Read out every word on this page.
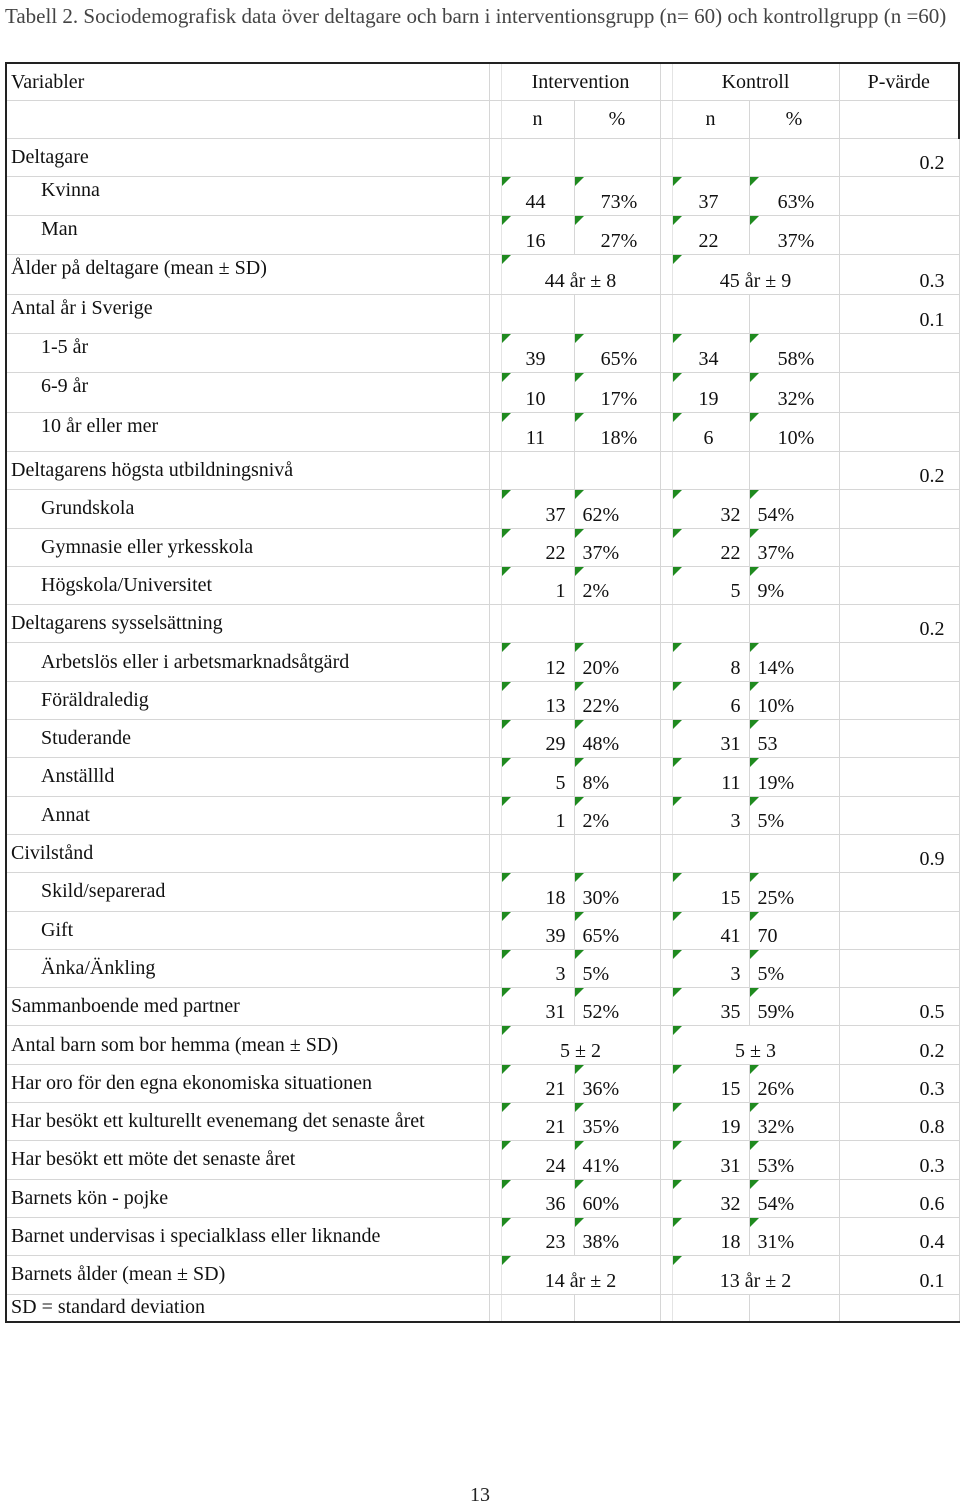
Tabell 2. Sociodemografisk data över deltagare och barn i interventionsgrupp (n= 60) och kontrollgrupp (n =60)
Variabler		Intervention			Kontroll		P-värde
		n	%		n	%	
Deltagare							0.2
Kvinna		44	73%		37	63%	
Man		16	27%		22	37%	
Ålder på deltagare (mean ± SD)		44 år ± 8			45 år ± 9		0.3
Antal år i Sverige							0.1
1-5 år		39	65%		34	58%	
6-9 år		10	17%		19	32%	
10 år eller mer		11	18%		6	10%	
Deltagarens högsta utbildningsnivå							0.2
Grundskola		37	62%		32	54%	
Gymnasie eller yrkesskola		22	37%		22	37%	
Högskola/Universitet		1	2%		5	9%	
Deltagarens sysselsättning							0.2
Arbetslös eller i arbetsmarknadsåtgärd		12	20%		8	14%	
Föräldraledig		13	22%		6	10%	
Studerande		29	48%		31	53	
Anställld		5	8%		11	19%	
Annat		1	2%		3	5%	
Civilstånd							0.9
Skild/separerad		18	30%		15	25%	
Gift		39	65%		41	70	
Änka/Änkling		3	5%		3	5%	
Sammanboende med partner		31	52%		35	59%	0.5
Antal barn som bor hemma (mean ± SD)		5 ± 2			5 ± 3		0.2
Har oro för den egna ekonomiska situationen		21	36%		15	26%	0.3
Har besökt ett kulturellt evenemang det senaste året		21	35%		19	32%	0.8
Har besökt ett möte det senaste året		24	41%		31	53%	0.3
Barnets kön - pojke		36	60%		32	54%	0.6
Barnet undervisas i specialklass eller liknande		23	38%		18	31%	0.4
Barnets ålder (mean ± SD)		14 år ± 2			13 år ± 2		0.1
SD = standard deviation							
13
